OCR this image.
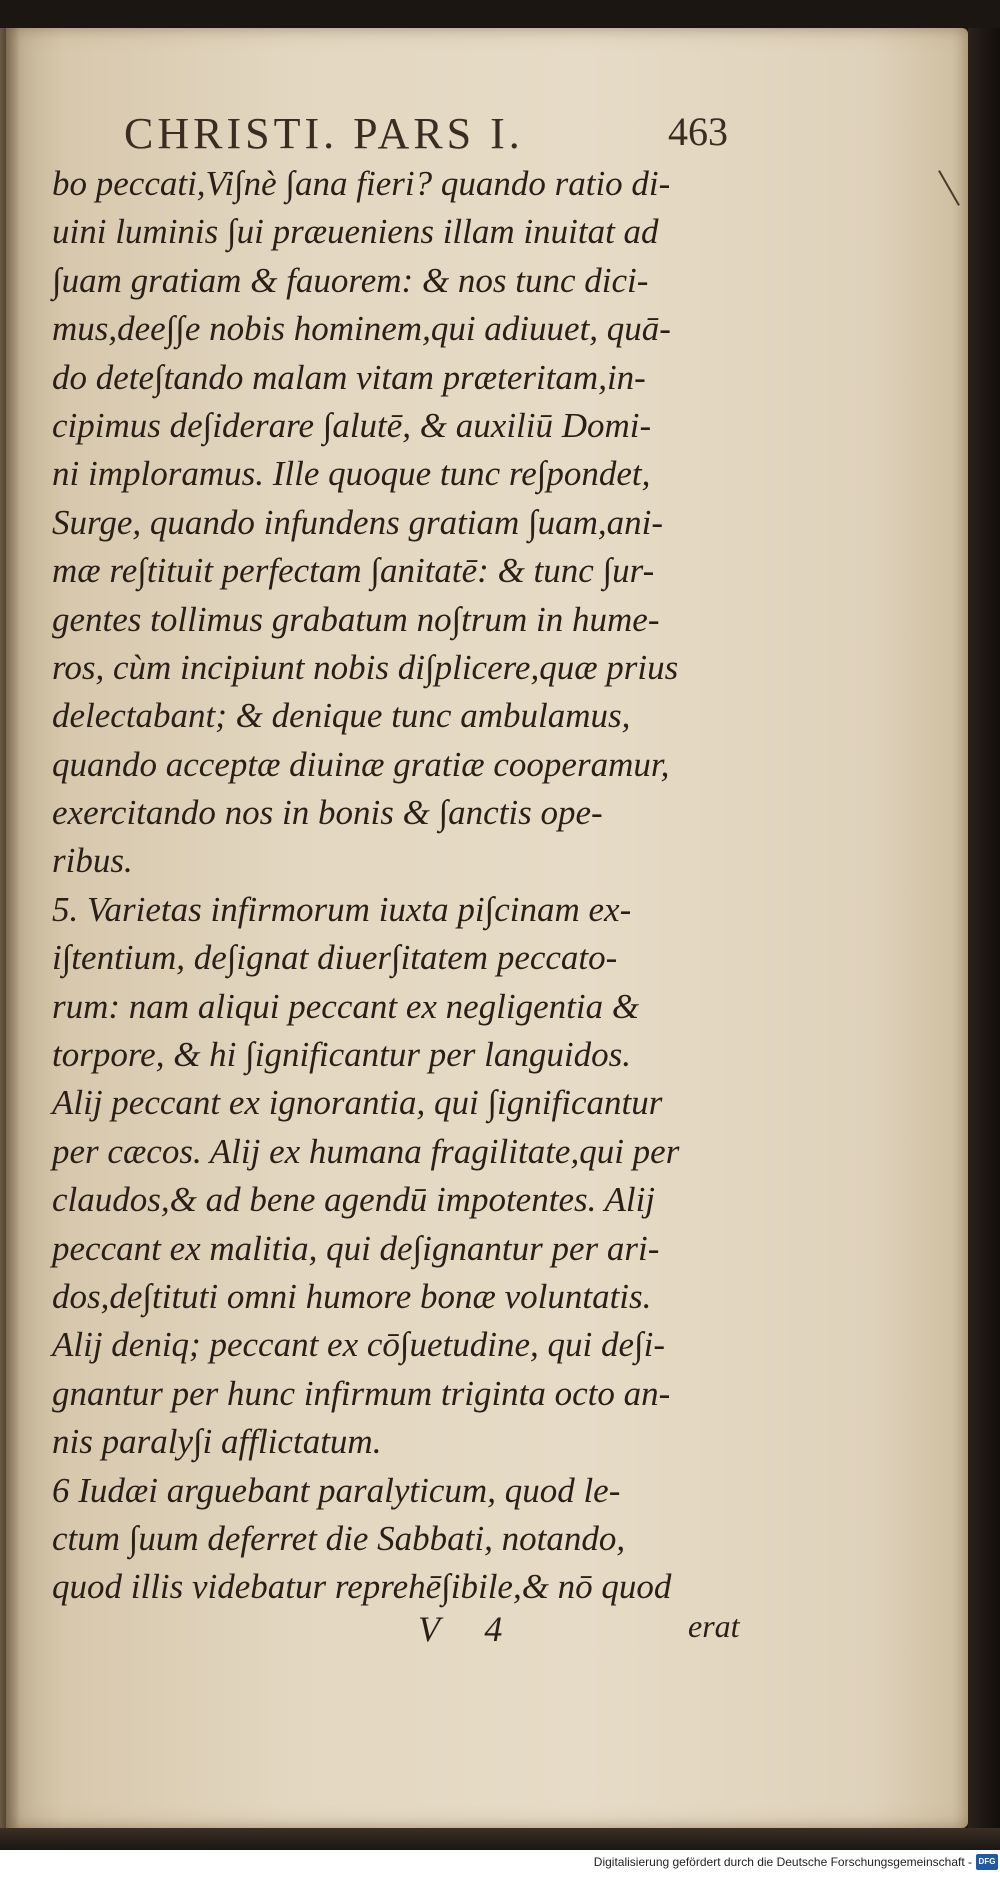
CHRISTI. PARS I.	463
bo peccati,Vi∫nè ∫ana fieri? quando ratio di-
uini luminis ∫ui præueniens illam inuitat ad
∫uam gratiam & fauorem: & nos tunc dici-
mus,dee∫∫e nobis hominem,qui adiuuet, quā-
do dete∫tando malam vitam præteritam,in-
cipimus de∫iderare ∫alutē, & auxiliū Domi-
ni imploramus. Ille quoque tunc re∫pondet,
Surge, quando infundens gratiam ∫uam,ani-
mæ re∫tituit perfectam ∫anitatē: & tunc ∫ur-
gentes tollimus grabatum no∫trum in hume-
ros, cùm incipiunt nobis di∫plicere,quæ prius
delectabant; & denique tunc ambulamus,
quando acceptæ diuinæ gratiæ cooperamur,
exercitando nos in bonis & ∫anctis ope-
ribus.
5. Varietas infirmorum iuxta pi∫cinam ex-
i∫tentium, de∫ignat diuer∫itatem peccato-
rum: nam aliqui peccant ex negligentia &
torpore, & hi ∫ignificantur per languidos.
Alij peccant ex ignorantia, qui ∫ignificantur
per cæcos. Alij ex humana fragilitate,qui per
claudos,& ad bene agendū impotentes. Alij
peccant ex malitia, qui de∫ignantur per ari-
dos,de∫tituti omni humore bonæ voluntatis.
Alij deniq; peccant ex cō∫uetudine, qui de∫i-
gnantur per hunc infirmum triginta octo an-
nis paraly∫i afflictatum.
6 Iudæi arguebant paralyticum, quod le-
ctum ∫uum deferret die Sabbati, notando,
quod illis videbatur reprehē∫ibile,& nō quod
V 4	erat
Digitalisierung gefördert durch die Deutsche Forschungsgemeinschaft - DFG
